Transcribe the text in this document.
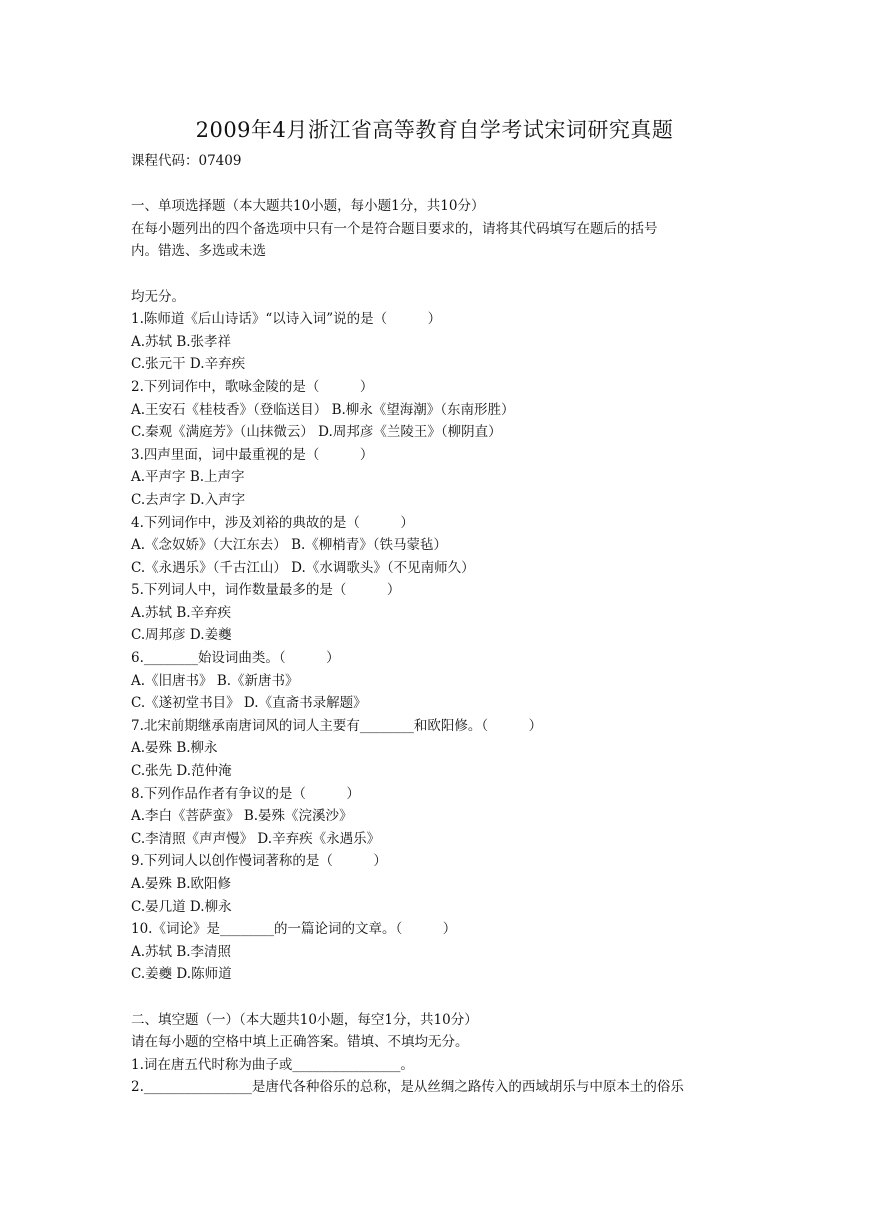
2009年4月浙江省高等教育自学考试宋词研究真题
课程代码：07409
一、单项选择题（本大题共10小题，每小题1分，共10分）
在每小题列出的四个备选项中只有一个是符合题目要求的，请将其代码填写在题后的括号
内。错选、多选或未选
均无分。
1.陈师道《后山诗话》“以诗入词”说的是（　　　）
A.苏轼 B.张孝祥
C.张元干 D.辛弃疾
2.下列词作中，歌咏金陵的是（　　　）
A.王安石《桂枝香》（登临送目） B.柳永《望海潮》（东南形胜）
C.秦观《满庭芳》（山抹微云） D.周邦彦《兰陵王》（柳阴直）
3.四声里面，词中最重视的是（　　　）
A.平声字 B.上声字
C.去声字 D.入声字
4.下列词作中，涉及刘裕的典故的是（　　　）
A.《念奴娇》（大江东去） B.《柳梢青》（铁马蒙毡）
C.《永遇乐》（千古江山） D.《水调歌头》（不见南师久）
5.下列词人中，词作数量最多的是（　　　）
A.苏轼 B.辛弃疾
C.周邦彦 D.姜夔
6.________始设词曲类。（　　　）
A.《旧唐书》 B.《新唐书》
C.《遂初堂书目》 D.《直斋书录解题》
7.北宋前期继承南唐词风的词人主要有________和欧阳修。（　　　）
A.晏殊 B.柳永
C.张先 D.范仲淹
8.下列作品作者有争议的是（　　　）
A.李白《菩萨蛮》 B.晏殊《浣溪沙》
C.李清照《声声慢》 D.辛弃疾《永遇乐》
9.下列词人以创作慢词著称的是（　　　）
A.晏殊 B.欧阳修
C.晏几道 D.柳永
10.《词论》是________的一篇论词的文章。（　　　）
A.苏轼 B.李清照
C.姜夔 D.陈师道
二、填空题（一）（本大题共10小题，每空1分，共10分）
请在每小题的空格中填上正确答案。错填、不填均无分。
1.词在唐五代时称为曲子或________________。
2.________________是唐代各种俗乐的总称，是从丝绸之路传入的西域胡乐与中原本土的俗乐
